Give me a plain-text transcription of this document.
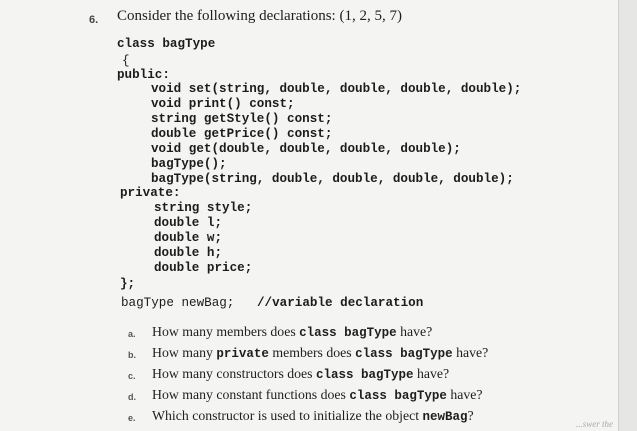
6. Consider the following declarations: (1, 2, 5, 7)
class bagType
{
public:
void set(string, double, double, double, double);
void print() const;
string getStyle() const;
double getPrice() const;
void get(double, double, double, double);
bagType();
bagType(string, double, double, double, double);
private:
string style;
double l;
double w;
double h;
double price;
};
bagType newBag; //variable declaration
a. How many members does class bagType have?
b. How many private members does class bagType have?
c. How many constructors does class bagType have?
d. How many constant functions does class bagType have?
e. Which constructor is used to initialize the object newBag?
...swer the
